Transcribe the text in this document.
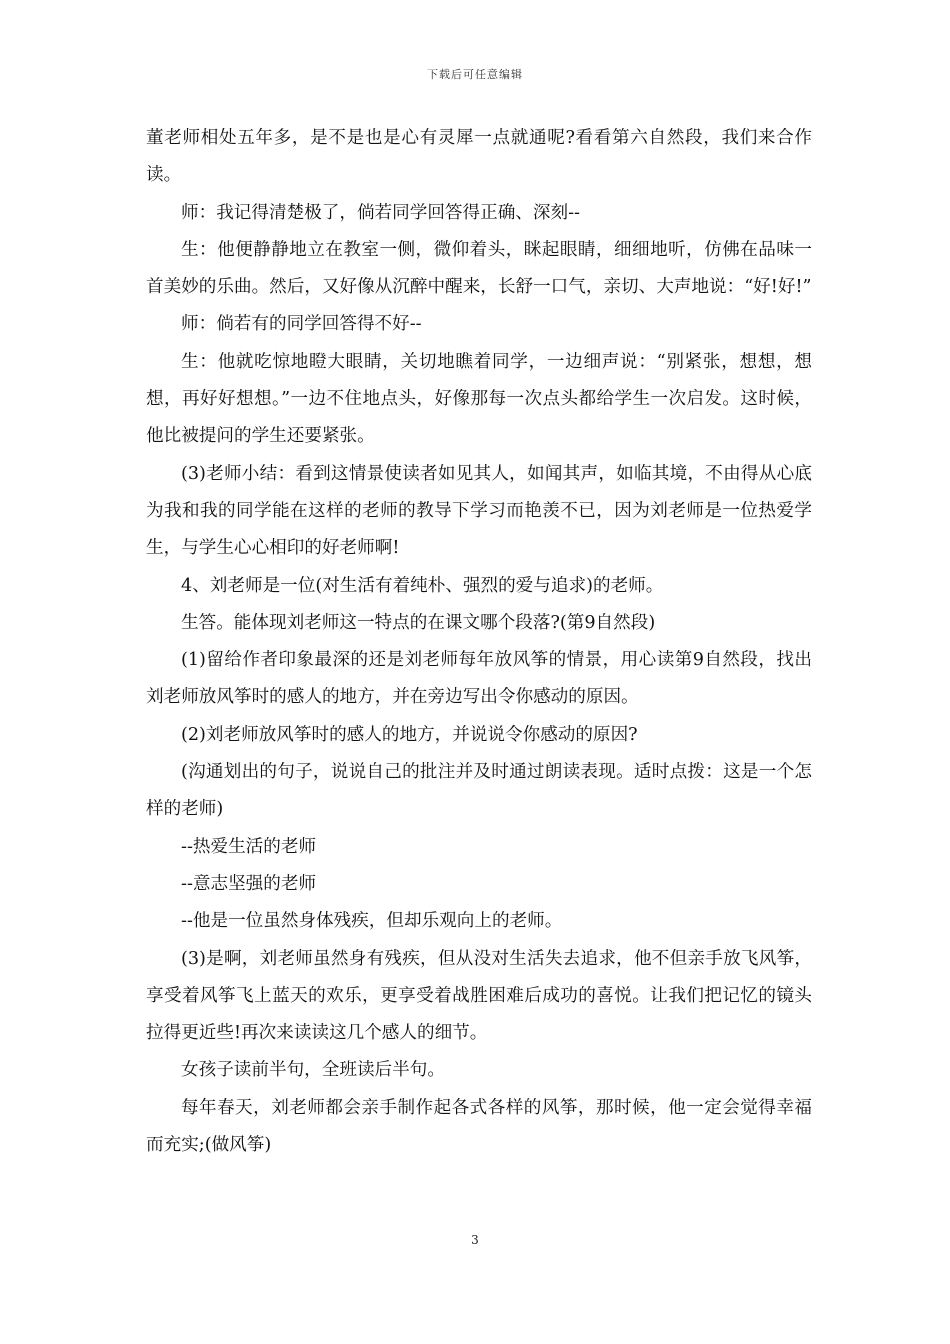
下载后可任意编辑

董老师相处五年多，是不是也是心有灵犀一点就通呢?看看第六自然段，我们来合作读。

师：我记得清楚极了，倘若同学回答得正确、深刻--

生：他便静静地立在教室一侧，微仰着头，眯起眼睛，细细地听，仿佛在品味一首美妙的乐曲。然后，又好像从沉醉中醒来，长舒一口气，亲切、大声地说：“好!好!”

师：倘若有的同学回答得不好--

生：他就吃惊地瞪大眼睛，关切地瞧着同学，一边细声说：“别紧张，想想，想想，再好好想想。”一边不住地点头，好像那每一次点头都给学生一次启发。这时候，他比被提问的学生还要紧张。

(3)老师小结：看到这情景使读者如见其人，如闻其声，如临其境，不由得从心底为我和我的同学能在这样的老师的教导下学习而艳羡不已，因为刘老师是一位热爱学生，与学生心心相印的好老师啊!

4、刘老师是一位(对生活有着纯朴、强烈的爱与追求)的老师。

生答。能体现刘老师这一特点的在课文哪个段落?(第9自然段)

(1)留给作者印象最深的还是刘老师每年放风筝的情景，用心读第9自然段，找出刘老师放风筝时的感人的地方，并在旁边写出令你感动的原因。

(2)刘老师放风筝时的感人的地方，并说说令你感动的原因?

(沟通划出的句子，说说自己的批注并及时通过朗读表现。适时点拨：这是一个怎样的老师)

--热爱生活的老师

--意志坚强的老师

--他是一位虽然身体残疾，但却乐观向上的老师。

(3)是啊，刘老师虽然身有残疾，但从没对生活失去追求，他不但亲手放飞风筝，享受着风筝飞上蓝天的欢乐，更享受着战胜困难后成功的喜悦。让我们把记忆的镜头拉得更近些!再次来读读这几个感人的细节。

女孩子读前半句，全班读后半句。

每年春天，刘老师都会亲手制作起各式各样的风筝，那时候，他一定会觉得幸福而充实;(做风筝)

3
